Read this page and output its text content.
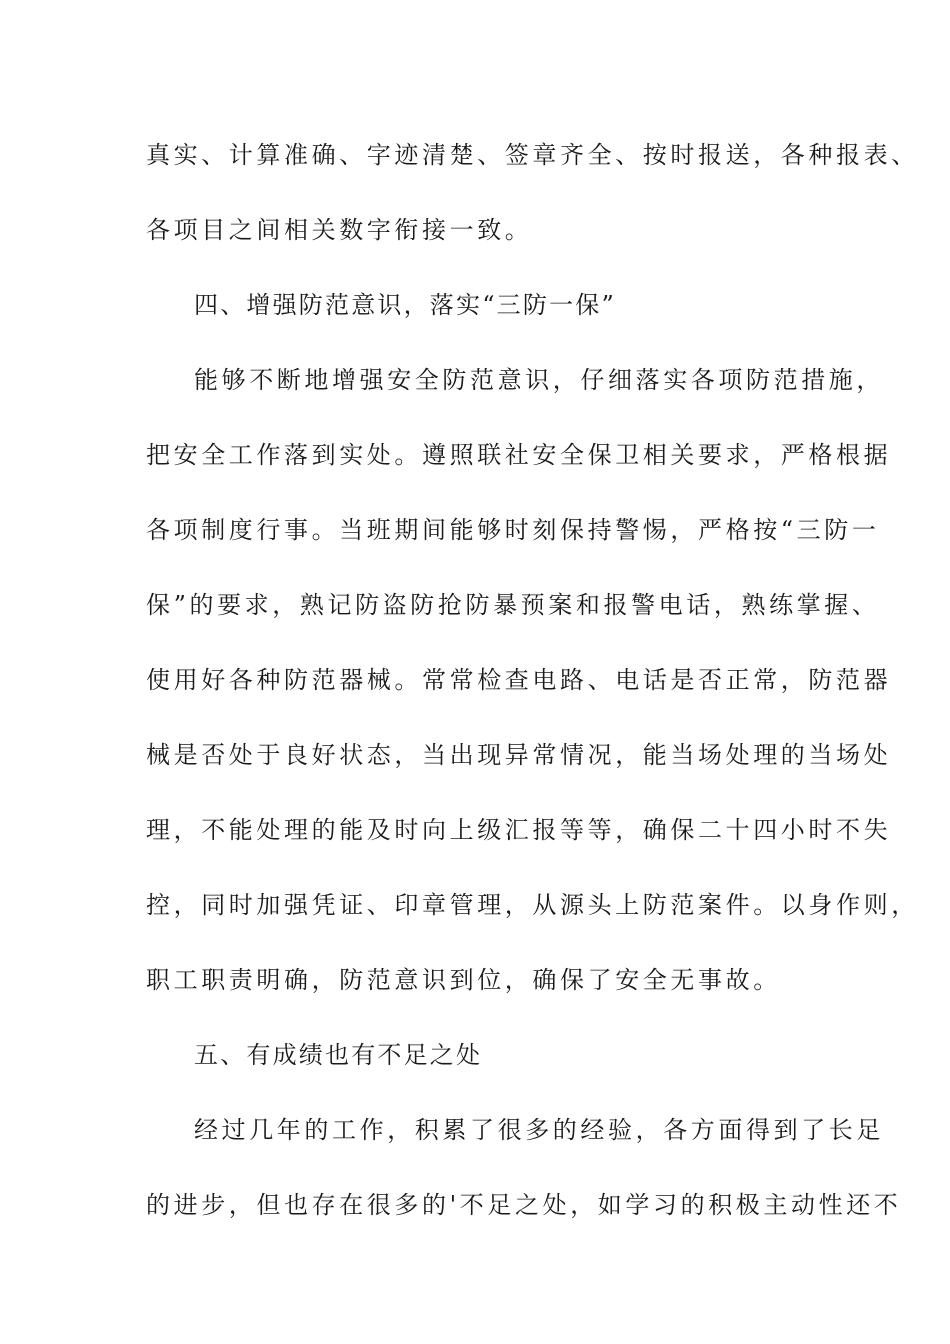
真实、计算准确、字迹清楚、签章齐全、按时报送，各种报表、
各项目之间相关数字衔接一致。
四、增强防范意识，落实“三防一保”
能够不断地增强安全防范意识，仔细落实各项防范措施，
把安全工作落到实处。遵照联社安全保卫相关要求，严格根据
各项制度行事。当班期间能够时刻保持警惕，严格按“三防一
保”的要求，熟记防盗防抢防暴预案和报警电话，熟练掌握、
使用好各种防范器械。常常检查电路、电话是否正常，防范器
械是否处于良好状态，当出现异常情况，能当场处理的当场处
理，不能处理的能及时向上级汇报等等，确保二十四小时不失
控，同时加强凭证、印章管理，从源头上防范案件。以身作则，
职工职责明确，防范意识到位，确保了安全无事故。
五、有成绩也有不足之处
经过几年的工作，积累了很多的经验，各方面得到了长足
的进步，但也存在很多的'不足之处，如学习的积极主动性还不
